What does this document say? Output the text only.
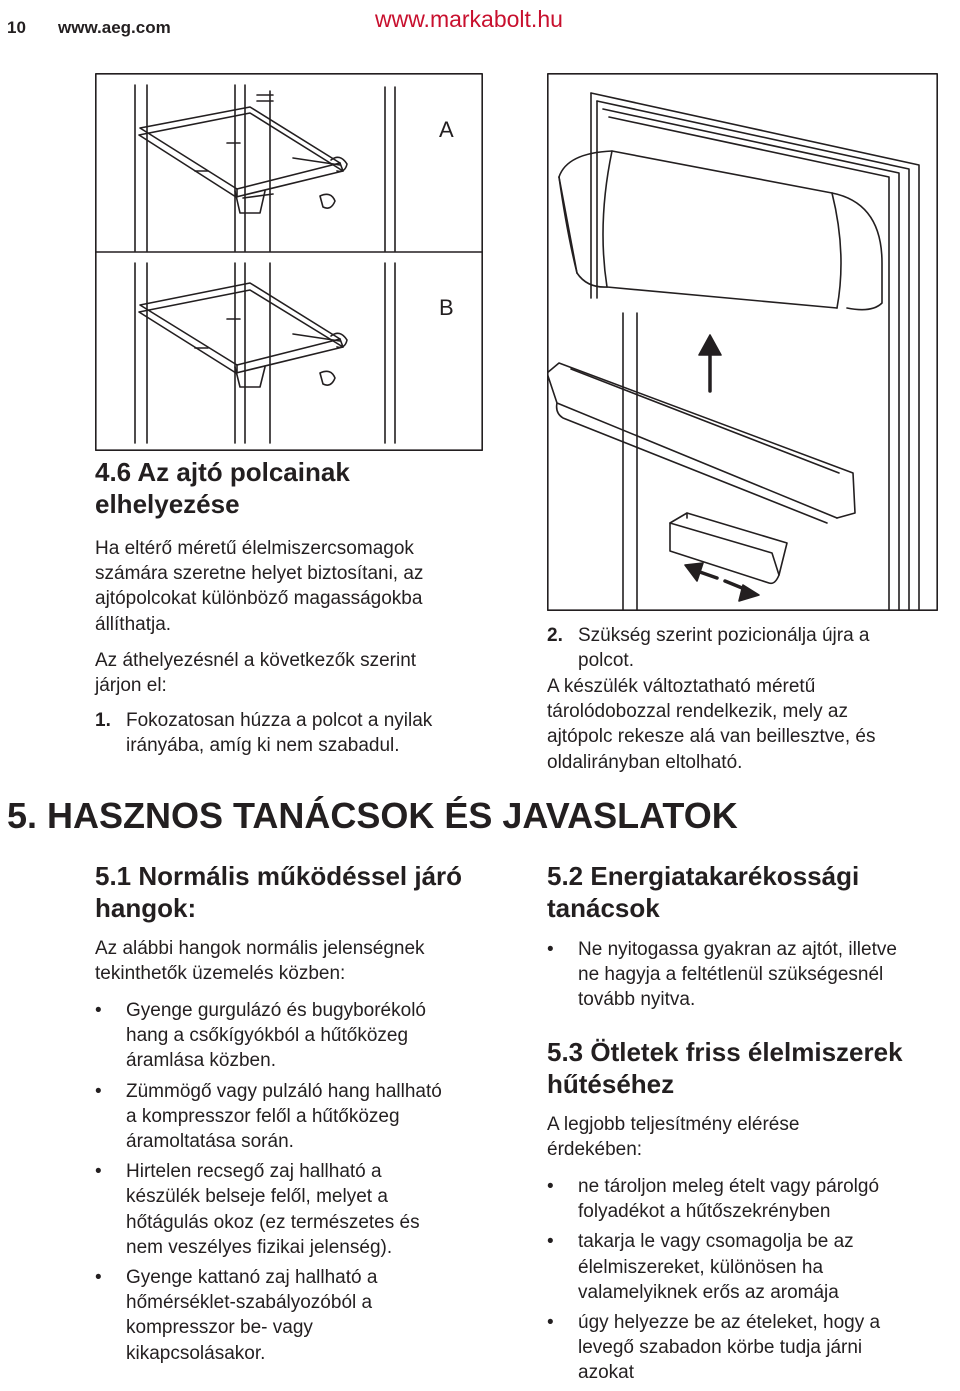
10 www.aeg.com	www.markabolt.hu
A
B

4.6 Az ajtó polcainak

elhelyezése

Ha eltérő méretű élelmiszercsomagok

számára szeretne helyet biztosítani, az

ajtópolcokat különböző magasságokba

állíthatja.

Az áthelyezésnél a következők szerint

járjon el:

1. Fokozatosan húzza a polcot a nyilak

irányába, amíg ki nem szabadul.

2. Szükség szerint pozicionálja újra a

polcot.

A készülék változtatható méretű

tárolódobozzal rendelkezik, mely az

ajtópolc rekesze alá van beillesztve, és

oldalirányban eltolható.

5. HASZNOS TANÁCSOK ÉS JAVASLATOK

5.1 Normális működéssel járó

hangok:

Az alábbi hangok normális jelenségnek

tekinthetők üzemelés közben:

• Gyenge gurgulázó és bugyborékoló
hang a csőkígyókból a hűtőközeg
áramlása közben.
• Zümmögő vagy pulzáló hang hallható
a kompresszor felől a hűtőközeg
áramoltatása során.
• Hirtelen recsegő zaj hallható a
készülék belseje felől, melyet a
hőtágulás okoz (ez természetes és
nem veszélyes fizikai jelenség).
• Gyenge kattanó zaj hallható a
hőmérséklet-szabályozóból a
kompresszor be- vagy
kikapcsolásakor.

5.2 Energiatakarékossági

tanácsok

• Ne nyitogassa gyakran az ajtót, illetve
ne hagyja a feltétlenül szükségesnél
tovább nyitva.

5.3 Ötletek friss élelmiszerek

hűtéséhez

A legjobb teljesítmény elérése

érdekében:

• ne tároljon meleg ételt vagy párolgó
folyadékot a hűtőszekrényben
• takarja le vagy csomagolja be az
élelmiszereket, különösen ha
valamelyiknek erős az aromája
• úgy helyezze be az ételeket, hogy a
levegő szabadon körbe tudja járni
azokat
